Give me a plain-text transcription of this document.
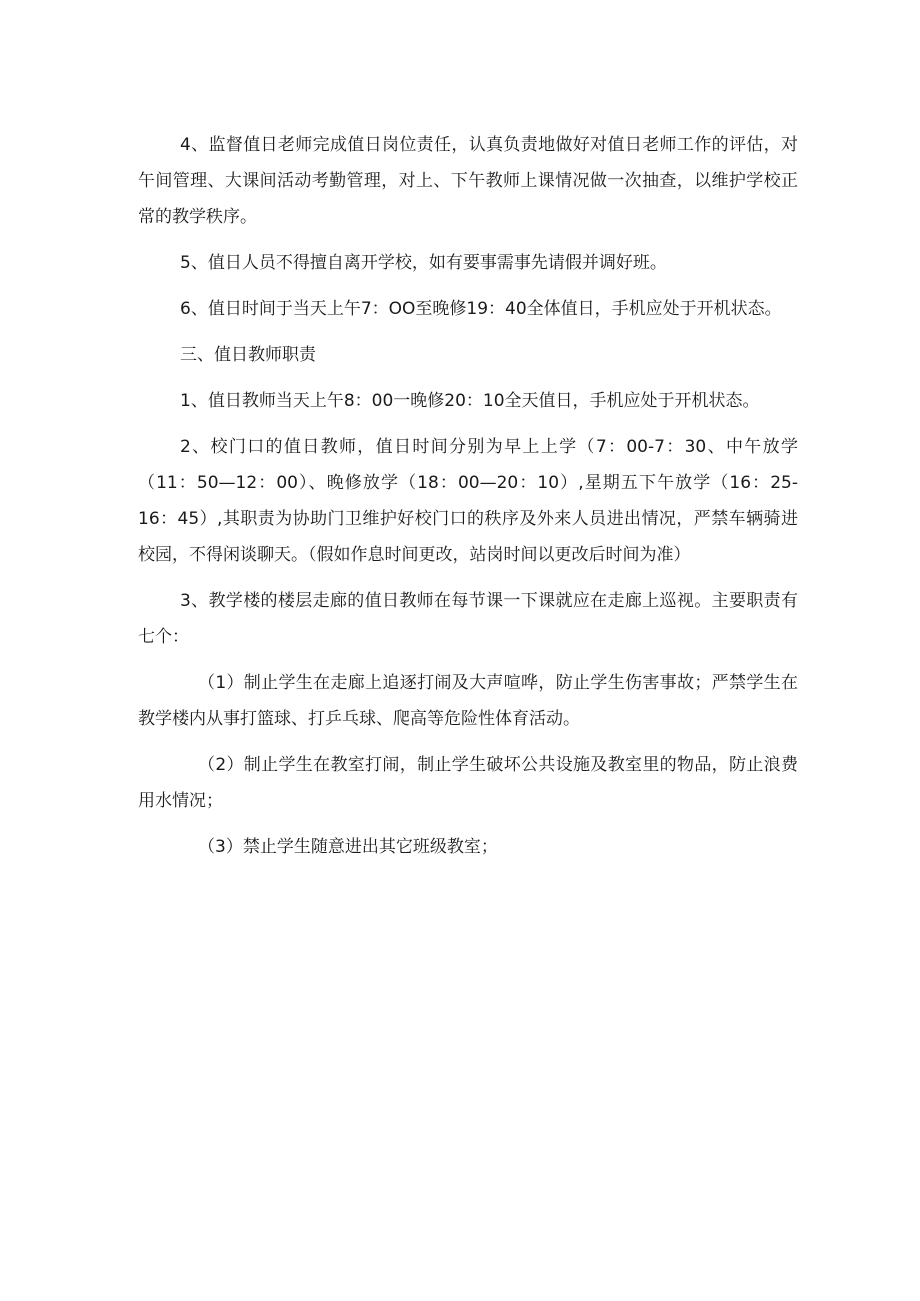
4、监督值日老师完成值日岗位责任，认真负责地做好对值日老师工作的评估，对午间管理、大课间活动考勤管理，对上、下午教师上课情况做一次抽查，以维护学校正常的教学秩序。

5、值日人员不得擅自离开学校，如有要事需事先请假并调好班。

6、值日时间于当天上午7：OO至晚修19：40全体值日，手机应处于开机状态。

三、值日教师职责

1、值日教师当天上午8：00一晚修20：10全天值日，手机应处于开机状态。

2、校门口的值日教师，值日时间分别为早上上学（7：00-7：30、中午放学（11：50—12：00）、晚修放学（18：00—20：10）,星期五下午放学（16：25-16：45）,其职责为协助门卫维护好校门口的秩序及外来人员进出情况，严禁车辆骑进校园，不得闲谈聊天。（假如作息时间更改，站岗时间以更改后时间为准）

3、教学楼的楼层走廊的值日教师在每节课一下课就应在走廊上巡视。主要职责有七个：

（1）制止学生在走廊上追逐打闹及大声喧哗，防止学生伤害事故；严禁学生在教学楼内从事打篮球、打乒乓球、爬高等危险性体育活动。

（2）制止学生在教室打闹，制止学生破坏公共设施及教室里的物品，防止浪费用水情况；

（3）禁止学生随意进出其它班级教室；
